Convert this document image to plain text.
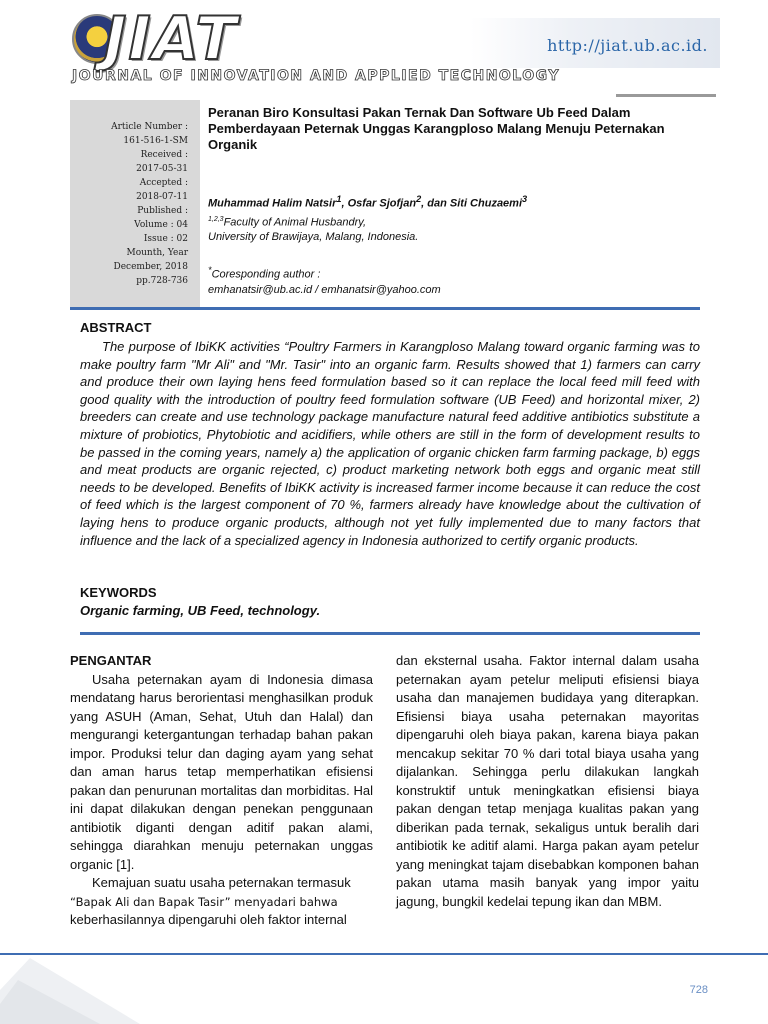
JIAT	http://jiat.ub.ac.id.
JOURNAL OF INNOVATION AND APPLIED TECHNOLOGY
Article Number :
161-516-1-SM
Received :
2017-05-31
Accepted :
2018-07-11
Published :
Volume : 04
Issue : 02
Mounth, Year
December, 2018
pp.728-736

Peranan Biro Konsultasi Pakan Ternak Dan Software Ub Feed Dalam Pemberdayaan Peternak Unggas Karangploso Malang Menuju Peternakan Organik

Muhammad Halim Natsir$^1$, Osfar Sjofjan$^2$, dan Siti Chuzaemi$^3$
$^{1,2,3}$Faculty of Animal Husbandry,
University of Brawijaya, Malang, Indonesia.
*Coresponding author :
emhanatsir@ub.ac.id / emhanatsir@yahoo.com

ABSTRACT

The purpose of IbiKK activities “Poultry Farmers in Karangploso Malang toward organic farming was to make poultry farm "Mr Ali" and "Mr. Tasir" into an organic farm. Results showed that 1) farmers can carry and produce their own laying hens feed formulation based so it can replace the local feed mill feed with good quality with the introduction of poultry feed formulation software (UB Feed) and horizontal mixer, 2) breeders can create and use technology package manufacture natural feed additive antibiotics substitute a mixture of probiotics, Phytobiotic and acidifiers, while others are still in the form of development results to be passed in the coming years, namely a) the application of organic chicken farm farming package, b) eggs and meat products are organic rejected, c) product marketing network both eggs and organic meat still needs to be developed. Benefits of IbiKK activity is increased farmer income because it can reduce the cost of feed which is the largest component of 70 %, farmers already have knowledge about the cultivation of laying hens to produce organic products, although not yet fully implemented due to many factors that influence and the lack of a specialized agency in Indonesia authorized to certify organic products.

KEYWORDS

Organic farming, UB Feed, technology.

PENGANTAR

Usaha peternakan ayam di Indonesia dimasa mendatang harus berorientasi menghasilkan produk yang ASUH (Aman, Sehat, Utuh dan Halal) dan mengurangi ketergantungan terhadap bahan pakan impor. Produksi telur dan daging ayam yang sehat dan aman harus tetap memperhatikan efisiensi pakan dan penurunan mortalitas dan morbiditas. Hal ini dapat dilakukan dengan penekan penggunaan antibiotik diganti dengan aditif pakan alami, sehingga diarahkan menuju peternakan unggas organic [1].

Kemajuan suatu usaha peternakan termasuk

“Bapak Ali dan Bapak Tasir” menyadari bahwa

keberhasilannya dipengaruhi oleh faktor internal

dan eksternal usaha. Faktor internal dalam usaha peternakan ayam petelur meliputi efisiensi biaya usaha dan manajemen budidaya yang diterapkan. Efisiensi biaya usaha peternakan mayoritas dipengaruhi oleh biaya pakan, karena biaya pakan mencakup sekitar 70 % dari total biaya usaha yang dijalankan. Sehingga perlu dilakukan langkah konstruktif untuk meningkatkan efisiensi biaya pakan dengan tetap menjaga kualitas pakan yang diberikan pada ternak, sekaligus untuk beralih dari antibiotik ke aditif alami. Harga pakan ayam petelur yang meningkat tajam disebabkan komponen bahan pakan utama masih banyak yang impor yaitu jagung, bungkil kedelai tepung ikan dan MBM.

728
